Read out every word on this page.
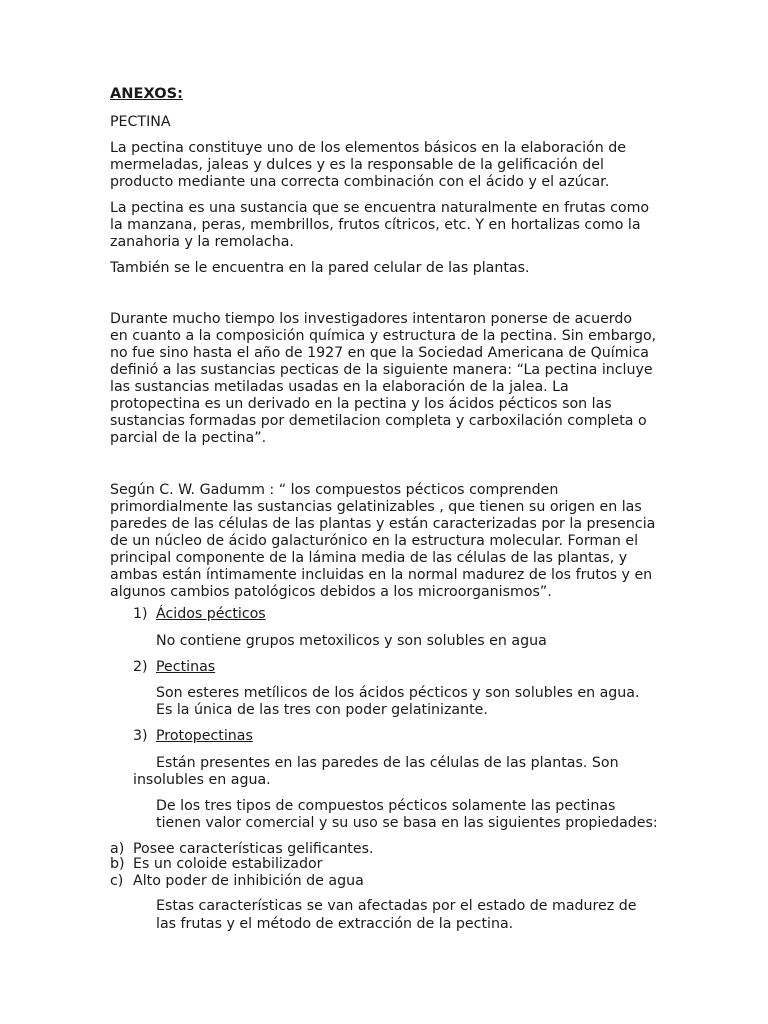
ANEXOS:

PECTINA

La pectina constituye uno de los elementos básicos en la elaboración de

mermeladas, jaleas y dulces y es la responsable de la gelificación del

producto mediante una correcta combinación con el ácido y el azúcar.

La pectina es una sustancia que se encuentra naturalmente en frutas como

la manzana, peras, membrillos, frutos cítricos, etc. Y en hortalizas como la

zanahoria y la remolacha.

También se le encuentra en la pared celular de las plantas.

Durante mucho tiempo los investigadores intentaron ponerse de acuerdo

en cuanto a la composición química y estructura de la pectina. Sin embargo,

no fue sino hasta el año de 1927 en que la Sociedad Americana de Química

definió a las sustancias pecticas de la siguiente manera: “La pectina incluye

las sustancias metiladas usadas en la elaboración de la jalea. La

protopectina es un derivado en la pectina y los ácidos pécticos son las

sustancias formadas por demetilacion completa y carboxilación completa o

parcial de la pectina”.

Según C. W. Gadumm : “ los compuestos pécticos comprenden

primordialmente las sustancias gelatinizables , que tienen su origen en las

paredes de las células de las plantas y están caracterizadas por la presencia

de un núcleo de ácido galacturónico en la estructura molecular. Forman el

principal componente de la lámina media de las células de las plantas, y

ambas están íntimamente incluidas en la normal madurez de los frutos y en

algunos cambios patológicos debidos a los microorganismos”.

1) Ácidos pécticos

No contiene grupos metoxilicos y son solubles en agua

2) Pectinas

Son esteres metílicos de los ácidos pécticos y son solubles en agua.

Es la única de las tres con poder gelatinizante.

3) Protopectinas

Están presentes en las paredes de las células de las plantas. Son

insolubles en agua.

De los tres tipos de compuestos pécticos solamente las pectinas

tienen valor comercial y su uso se basa en las siguientes propiedades:

a) Posee características gelificantes.

b) Es un coloide estabilizador

c) Alto poder de inhibición de agua

Estas características se van afectadas por el estado de madurez de

las frutas y el método de extracción de la pectina.
